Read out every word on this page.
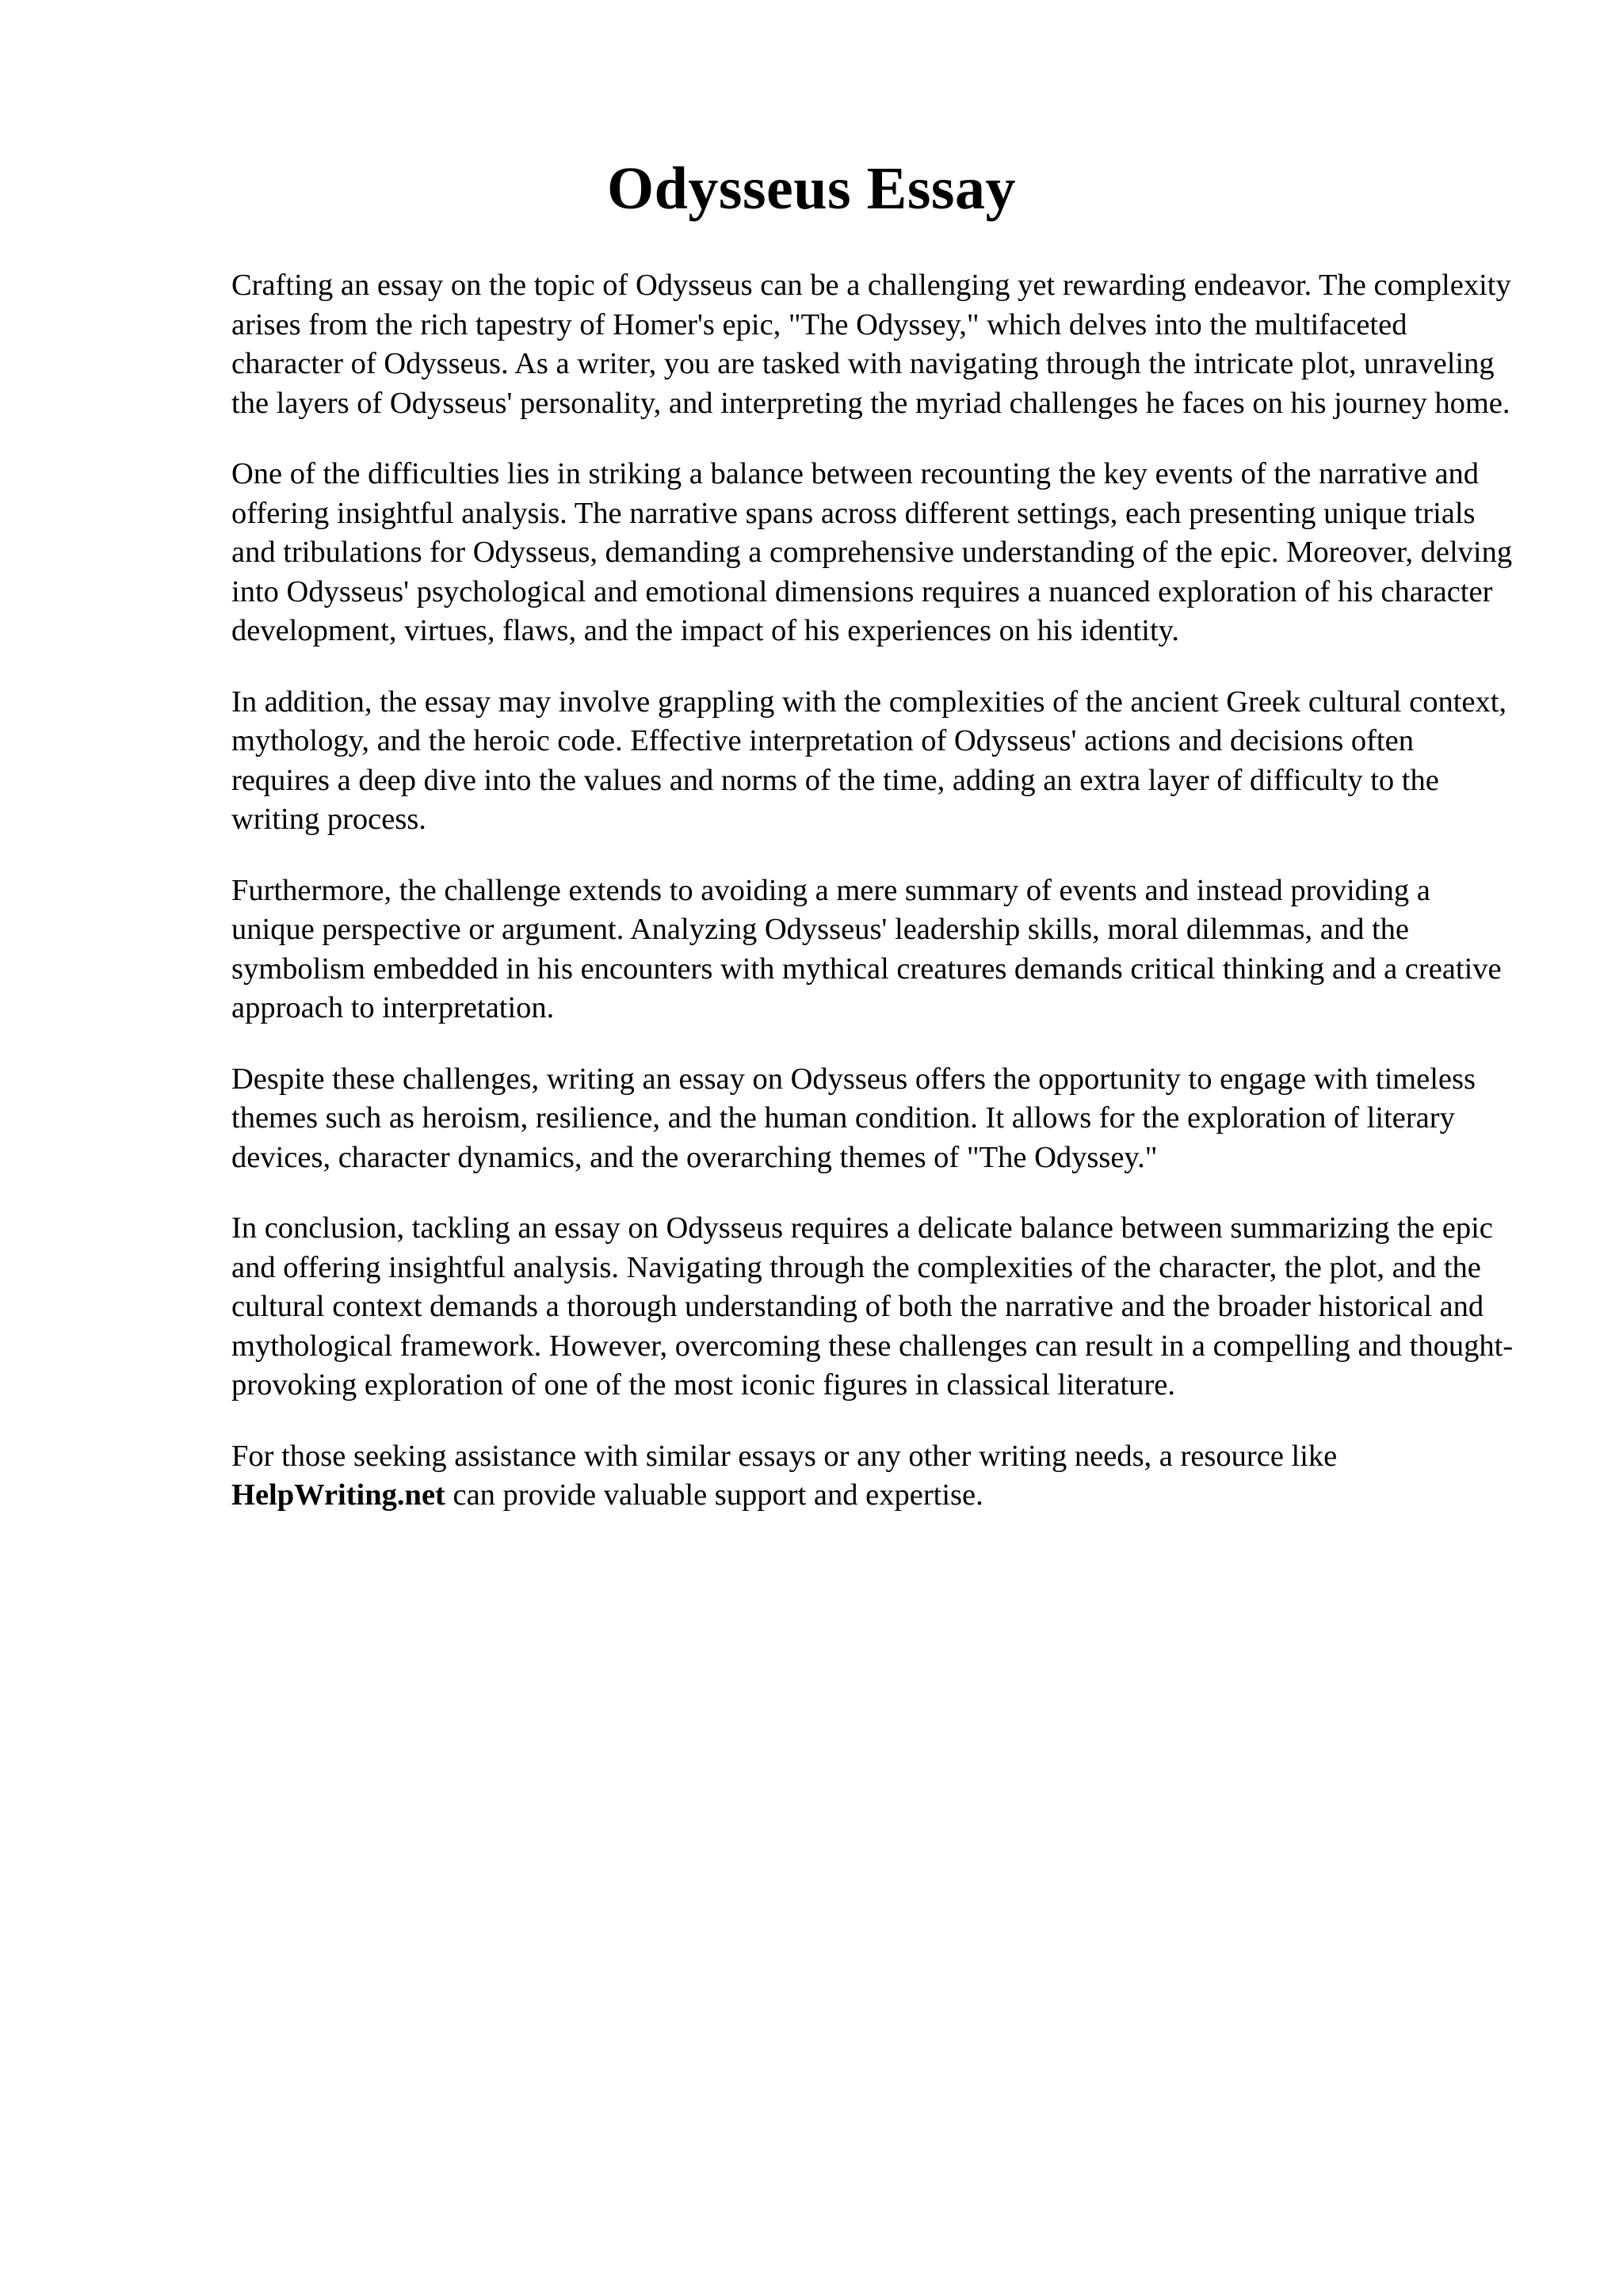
Odysseus Essay

Crafting an essay on the topic of Odysseus can be a challenging yet rewarding endeavor. The complexity arises from the rich tapestry of Homer's epic, "The Odyssey," which delves into the multifaceted character of Odysseus. As a writer, you are tasked with navigating through the intricate plot, unraveling the layers of Odysseus' personality, and interpreting the myriad challenges he faces on his journey home.

One of the difficulties lies in striking a balance between recounting the key events of the narrative and offering insightful analysis. The narrative spans across different settings, each presenting unique trials and tribulations for Odysseus, demanding a comprehensive understanding of the epic. Moreover, delving into Odysseus' psychological and emotional dimensions requires a nuanced exploration of his character development, virtues, flaws, and the impact of his experiences on his identity.

In addition, the essay may involve grappling with the complexities of the ancient Greek cultural context, mythology, and the heroic code. Effective interpretation of Odysseus' actions and decisions often requires a deep dive into the values and norms of the time, adding an extra layer of difficulty to the writing process.

Furthermore, the challenge extends to avoiding a mere summary of events and instead providing a unique perspective or argument. Analyzing Odysseus' leadership skills, moral dilemmas, and the symbolism embedded in his encounters with mythical creatures demands critical thinking and a creative approach to interpretation.

Despite these challenges, writing an essay on Odysseus offers the opportunity to engage with timeless themes such as heroism, resilience, and the human condition. It allows for the exploration of literary devices, character dynamics, and the overarching themes of "The Odyssey."

In conclusion, tackling an essay on Odysseus requires a delicate balance between summarizing the epic and offering insightful analysis. Navigating through the complexities of the character, the plot, and the cultural context demands a thorough understanding of both the narrative and the broader historical and mythological framework. However, overcoming these challenges can result in a compelling and thought-provoking exploration of one of the most iconic figures in classical literature.

For those seeking assistance with similar essays or any other writing needs, a resource like HelpWriting.net can provide valuable support and expertise.
